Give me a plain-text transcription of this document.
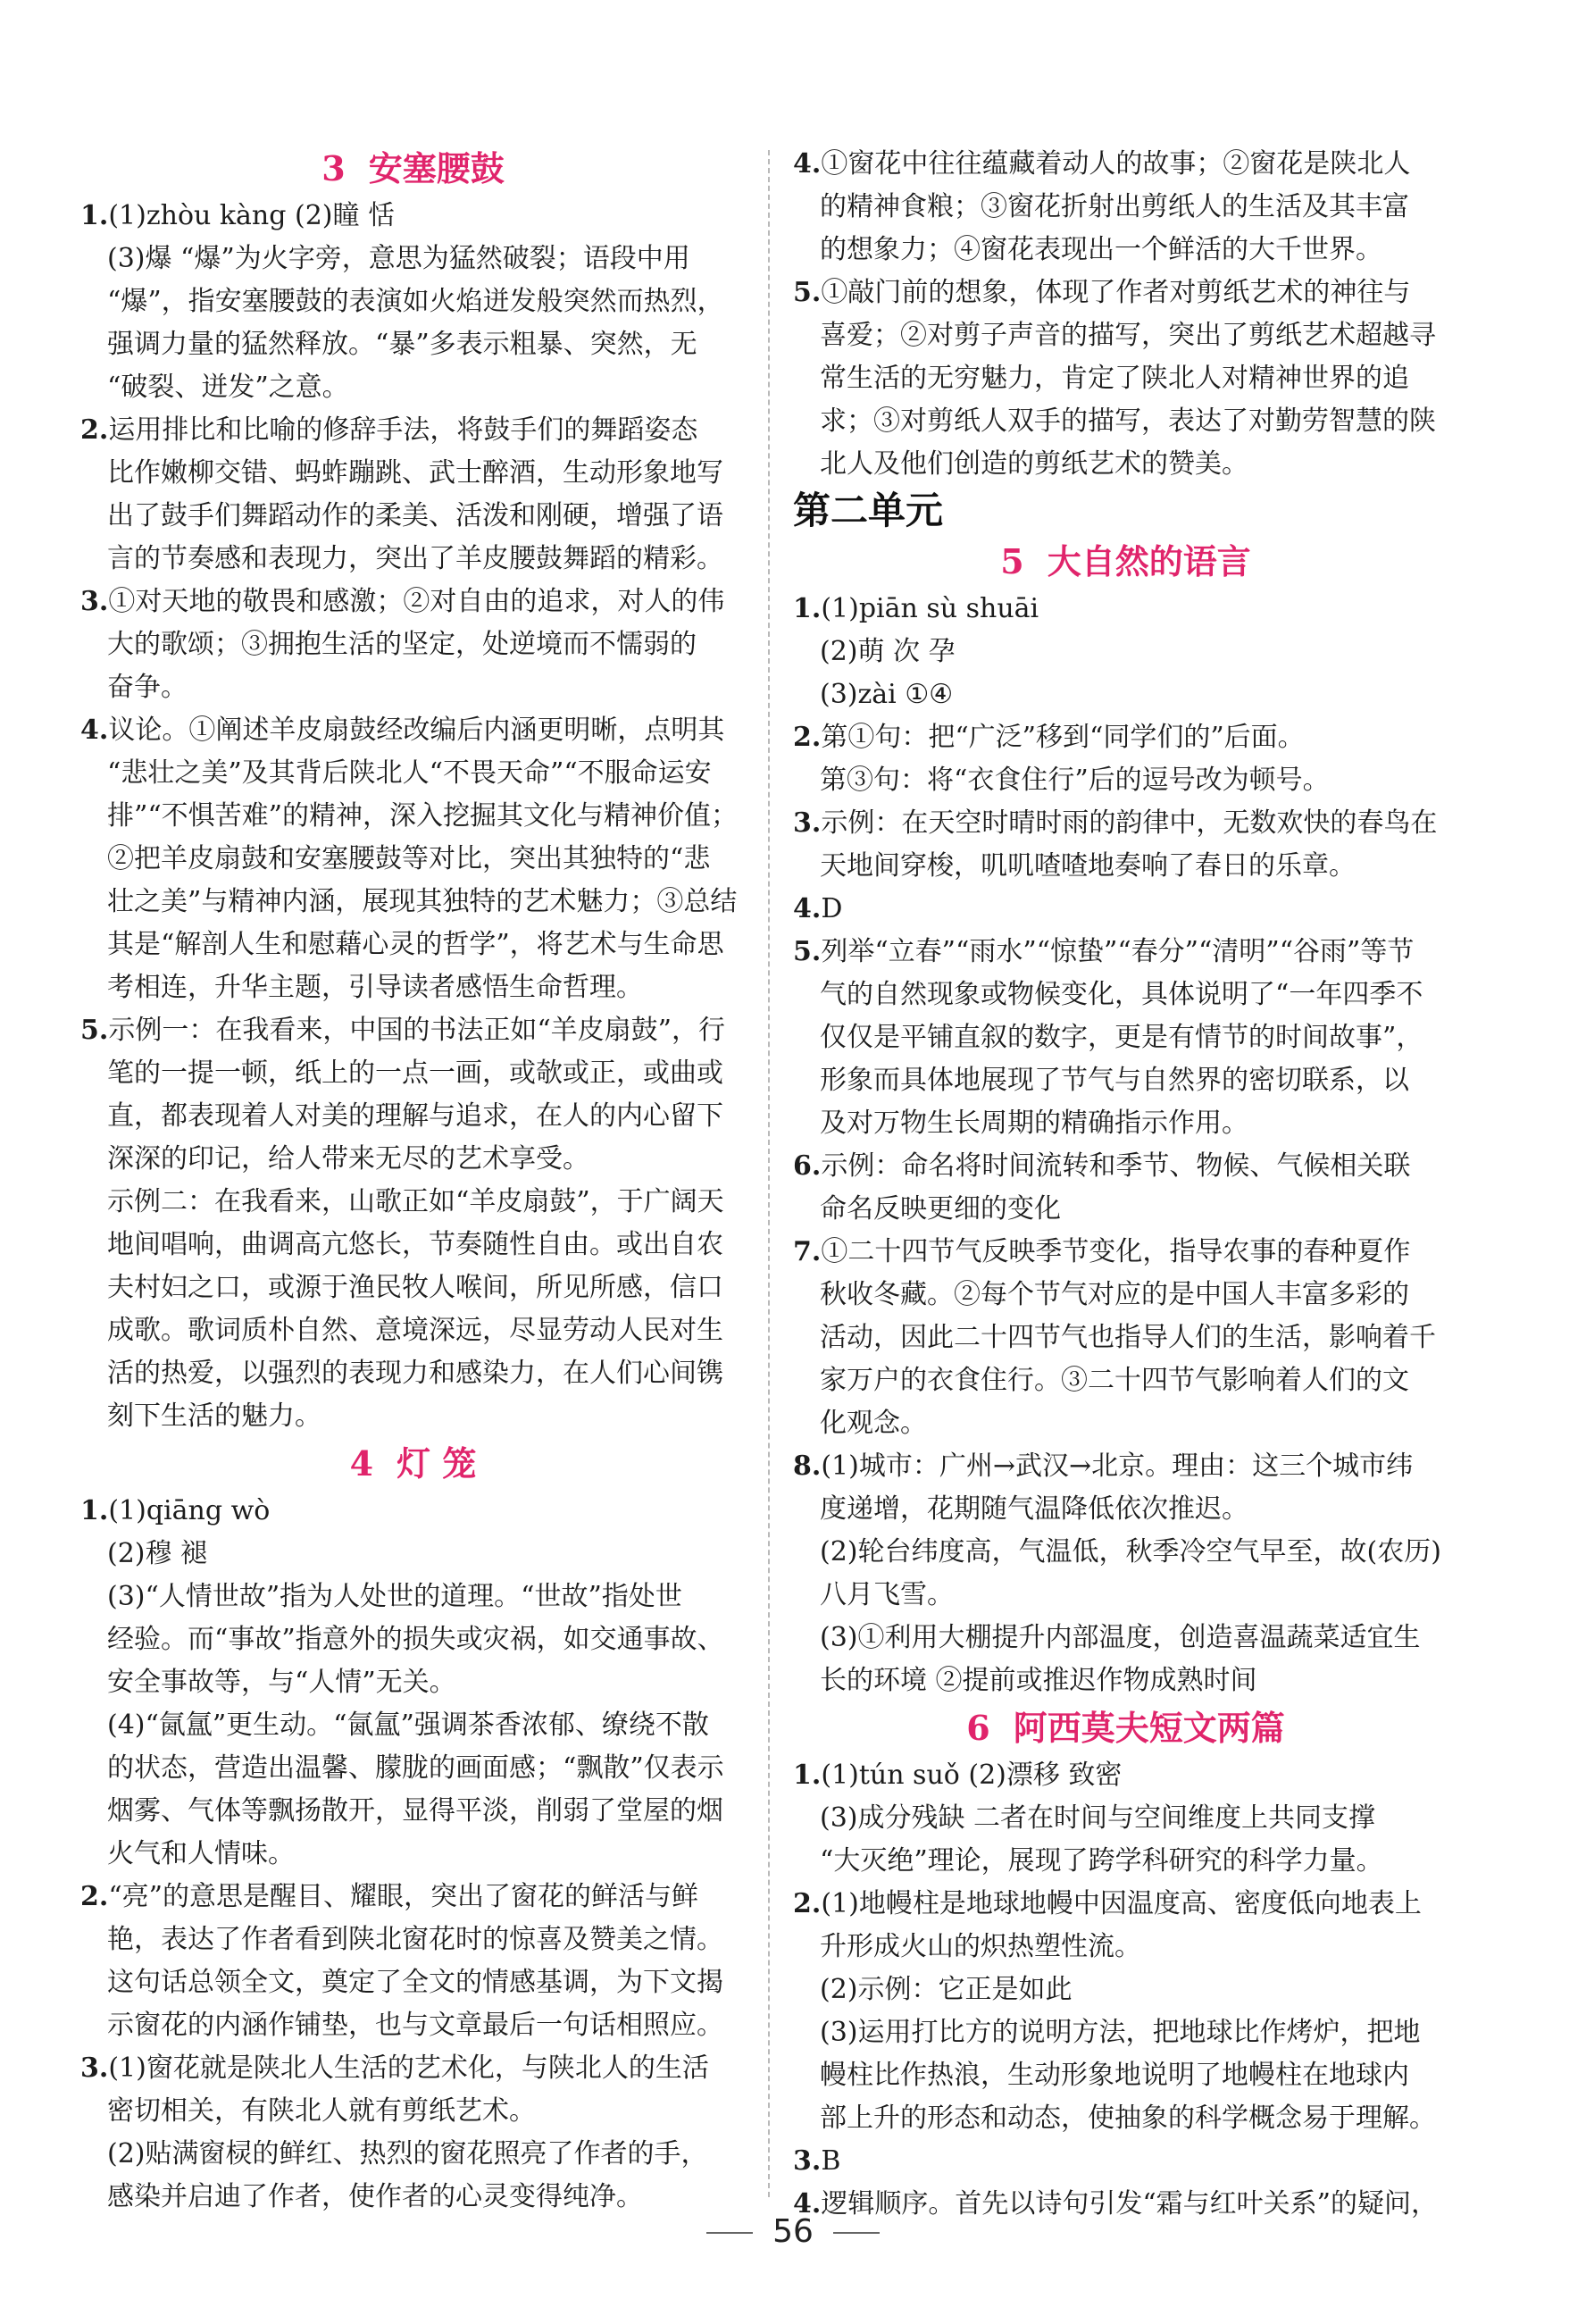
3 安塞腰鼓
1.(1)zhòu kàng (2)瞳 恬
(3)爆 “爆”为火字旁，意思为猛然破裂；语段中用
“爆”，指安塞腰鼓的表演如火焰迸发般突然而热烈，
强调力量的猛然释放。“暴”多表示粗暴、突然，无
“破裂、迸发”之意。
2.运用排比和比喻的修辞手法，将鼓手们的舞蹈姿态
比作嫩柳交错、蚂蚱蹦跳、武士醉酒，生动形象地写
出了鼓手们舞蹈动作的柔美、活泼和刚硬，增强了语
言的节奏感和表现力，突出了羊皮腰鼓舞蹈的精彩。
3.①对天地的敬畏和感激；②对自由的追求，对人的伟
大的歌颂；③拥抱生活的坚定，处逆境而不懦弱的
奋争。
4.议论。①阐述羊皮扇鼓经改编后内涵更明晰，点明其
“悲壮之美”及其背后陕北人“不畏天命”“不服命运安
排”“不惧苦难”的精神，深入挖掘其文化与精神价值；
②把羊皮扇鼓和安塞腰鼓等对比，突出其独特的“悲
壮之美”与精神内涵，展现其独特的艺术魅力；③总结
其是“解剖人生和慰藉心灵的哲学”，将艺术与生命思
考相连，升华主题，引导读者感悟生命哲理。
5.示例一：在我看来，中国的书法正如“羊皮扇鼓”，行
笔的一提一顿，纸上的一点一画，或欹或正，或曲或
直，都表现着人对美的理解与追求，在人的内心留下
深深的印记，给人带来无尽的艺术享受。
示例二：在我看来，山歌正如“羊皮扇鼓”，于广阔天
地间唱响，曲调高亢悠长，节奏随性自由。或出自农
夫村妇之口，或源于渔民牧人喉间，所见所感，信口
成歌。歌词质朴自然、意境深远，尽显劳动人民对生
活的热爱，以强烈的表现力和感染力，在人们心间镌
刻下生活的魅力。
4 灯 笼
1.(1)qiāng wò
(2)穆 褪
(3)“人情世故”指为人处世的道理。“世故”指处世
经验。而“事故”指意外的损失或灾祸，如交通事故、
安全事故等，与“人情”无关。
(4)“氤氲”更生动。“氤氲”强调茶香浓郁、缭绕不散
的状态，营造出温馨、朦胧的画面感；“飘散”仅表示
烟雾、气体等飘扬散开，显得平淡，削弱了堂屋的烟
火气和人情味。
2.“亮”的意思是醒目、耀眼，突出了窗花的鲜活与鲜
艳，表达了作者看到陕北窗花时的惊喜及赞美之情。
这句话总领全文，奠定了全文的情感基调，为下文揭
示窗花的内涵作铺垫，也与文章最后一句话相照应。
3.(1)窗花就是陕北人生活的艺术化，与陕北人的生活
密切相关，有陕北人就有剪纸艺术。
(2)贴满窗棂的鲜红、热烈的窗花照亮了作者的手，
感染并启迪了作者，使作者的心灵变得纯净。
4.①窗花中往往蕴藏着动人的故事；②窗花是陕北人
的精神食粮；③窗花折射出剪纸人的生活及其丰富
的想象力；④窗花表现出一个鲜活的大千世界。
5.①敲门前的想象，体现了作者对剪纸艺术的神往与
喜爱；②对剪子声音的描写，突出了剪纸艺术超越寻
常生活的无穷魅力，肯定了陕北人对精神世界的追
求；③对剪纸人双手的描写，表达了对勤劳智慧的陕
北人及他们创造的剪纸艺术的赞美。
第二单元
5 大自然的语言
1.(1)piān sù shuāi
(2)萌 次 孕
(3)zài ①④
2.第①句：把“广泛”移到“同学们的”后面。
第③句：将“衣食住行”后的逗号改为顿号。
3.示例：在天空时晴时雨的韵律中，无数欢快的春鸟在
天地间穿梭，叽叽喳喳地奏响了春日的乐章。
4.D
5.列举“立春”“雨水”“惊蛰”“春分”“清明”“谷雨”等节
气的自然现象或物候变化，具体说明了“一年四季不
仅仅是平铺直叙的数字，更是有情节的时间故事”，
形象而具体地展现了节气与自然界的密切联系，以
及对万物生长周期的精确指示作用。
6.示例：命名将时间流转和季节、物候、气候相关联
命名反映更细的变化
7.①二十四节气反映季节变化，指导农事的春种夏作
秋收冬藏。②每个节气对应的是中国人丰富多彩的
活动，因此二十四节气也指导人们的生活，影响着千
家万户的衣食住行。③二十四节气影响着人们的文
化观念。
8.(1)城市：广州→武汉→北京。理由：这三个城市纬
度递增，花期随气温降低依次推迟。
(2)轮台纬度高，气温低，秋季冷空气早至，故(农历)
八月飞雪。
(3)①利用大棚提升内部温度，创造喜温蔬菜适宜生
长的环境 ②提前或推迟作物成熟时间
6 阿西莫夫短文两篇
1.(1)tún suǒ (2)漂移 致密
(3)成分残缺 二者在时间与空间维度上共同支撑
“大灭绝”理论，展现了跨学科研究的科学力量。
2.(1)地幔柱是地球地幔中因温度高、密度低向地表上
升形成火山的炽热塑性流。
(2)示例：它正是如此
(3)运用打比方的说明方法，把地球比作烤炉，把地
幔柱比作热浪，生动形象地说明了地幔柱在地球内
部上升的形态和动态，使抽象的科学概念易于理解。
3.B
4.逻辑顺序。首先以诗句引发“霜与红叶关系”的疑问，
56
